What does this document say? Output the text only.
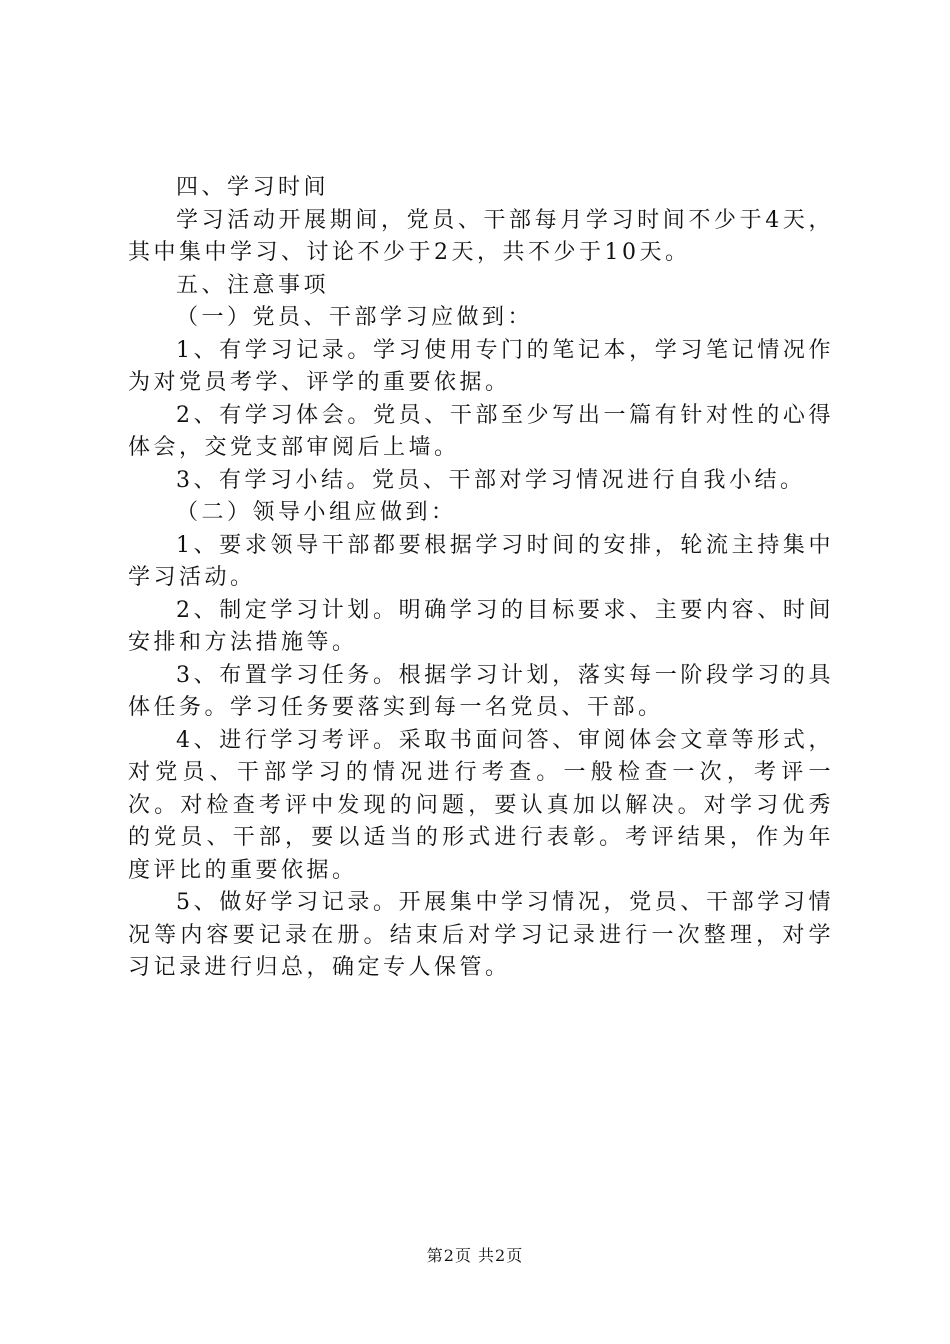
四、学习时间

学习活动开展期间，党员、干部每月学习时间不少于4天，其中集中学习、讨论不少于2天，共不少于10天。

五、注意事项

（一）党员、干部学习应做到：

1、有学习记录。学习使用专门的笔记本，学习笔记情况作为对党员考学、评学的重要依据。

2、有学习体会。党员、干部至少写出一篇有针对性的心得体会，交党支部审阅后上墙。

3、有学习小结。党员、干部对学习情况进行自我小结。

（二）领导小组应做到：

1、要求领导干部都要根据学习时间的安排，轮流主持集中学习活动。

2、制定学习计划。明确学习的目标要求、主要内容、时间安排和方法措施等。

3、布置学习任务。根据学习计划，落实每一阶段学习的具体任务。学习任务要落实到每一名党员、干部。

4、进行学习考评。采取书面问答、审阅体会文章等形式，对党员、干部学习的情况进行考查。一般检查一次，考评一次。对检查考评中发现的问题，要认真加以解决。对学习优秀的党员、干部，要以适当的形式进行表彰。考评结果，作为年度评比的重要依据。

5、做好学习记录。开展集中学习情况，党员、干部学习情况等内容要记录在册。结束后对学习记录进行一次整理，对学习记录进行归总，确定专人保管。

第2页 共2页
